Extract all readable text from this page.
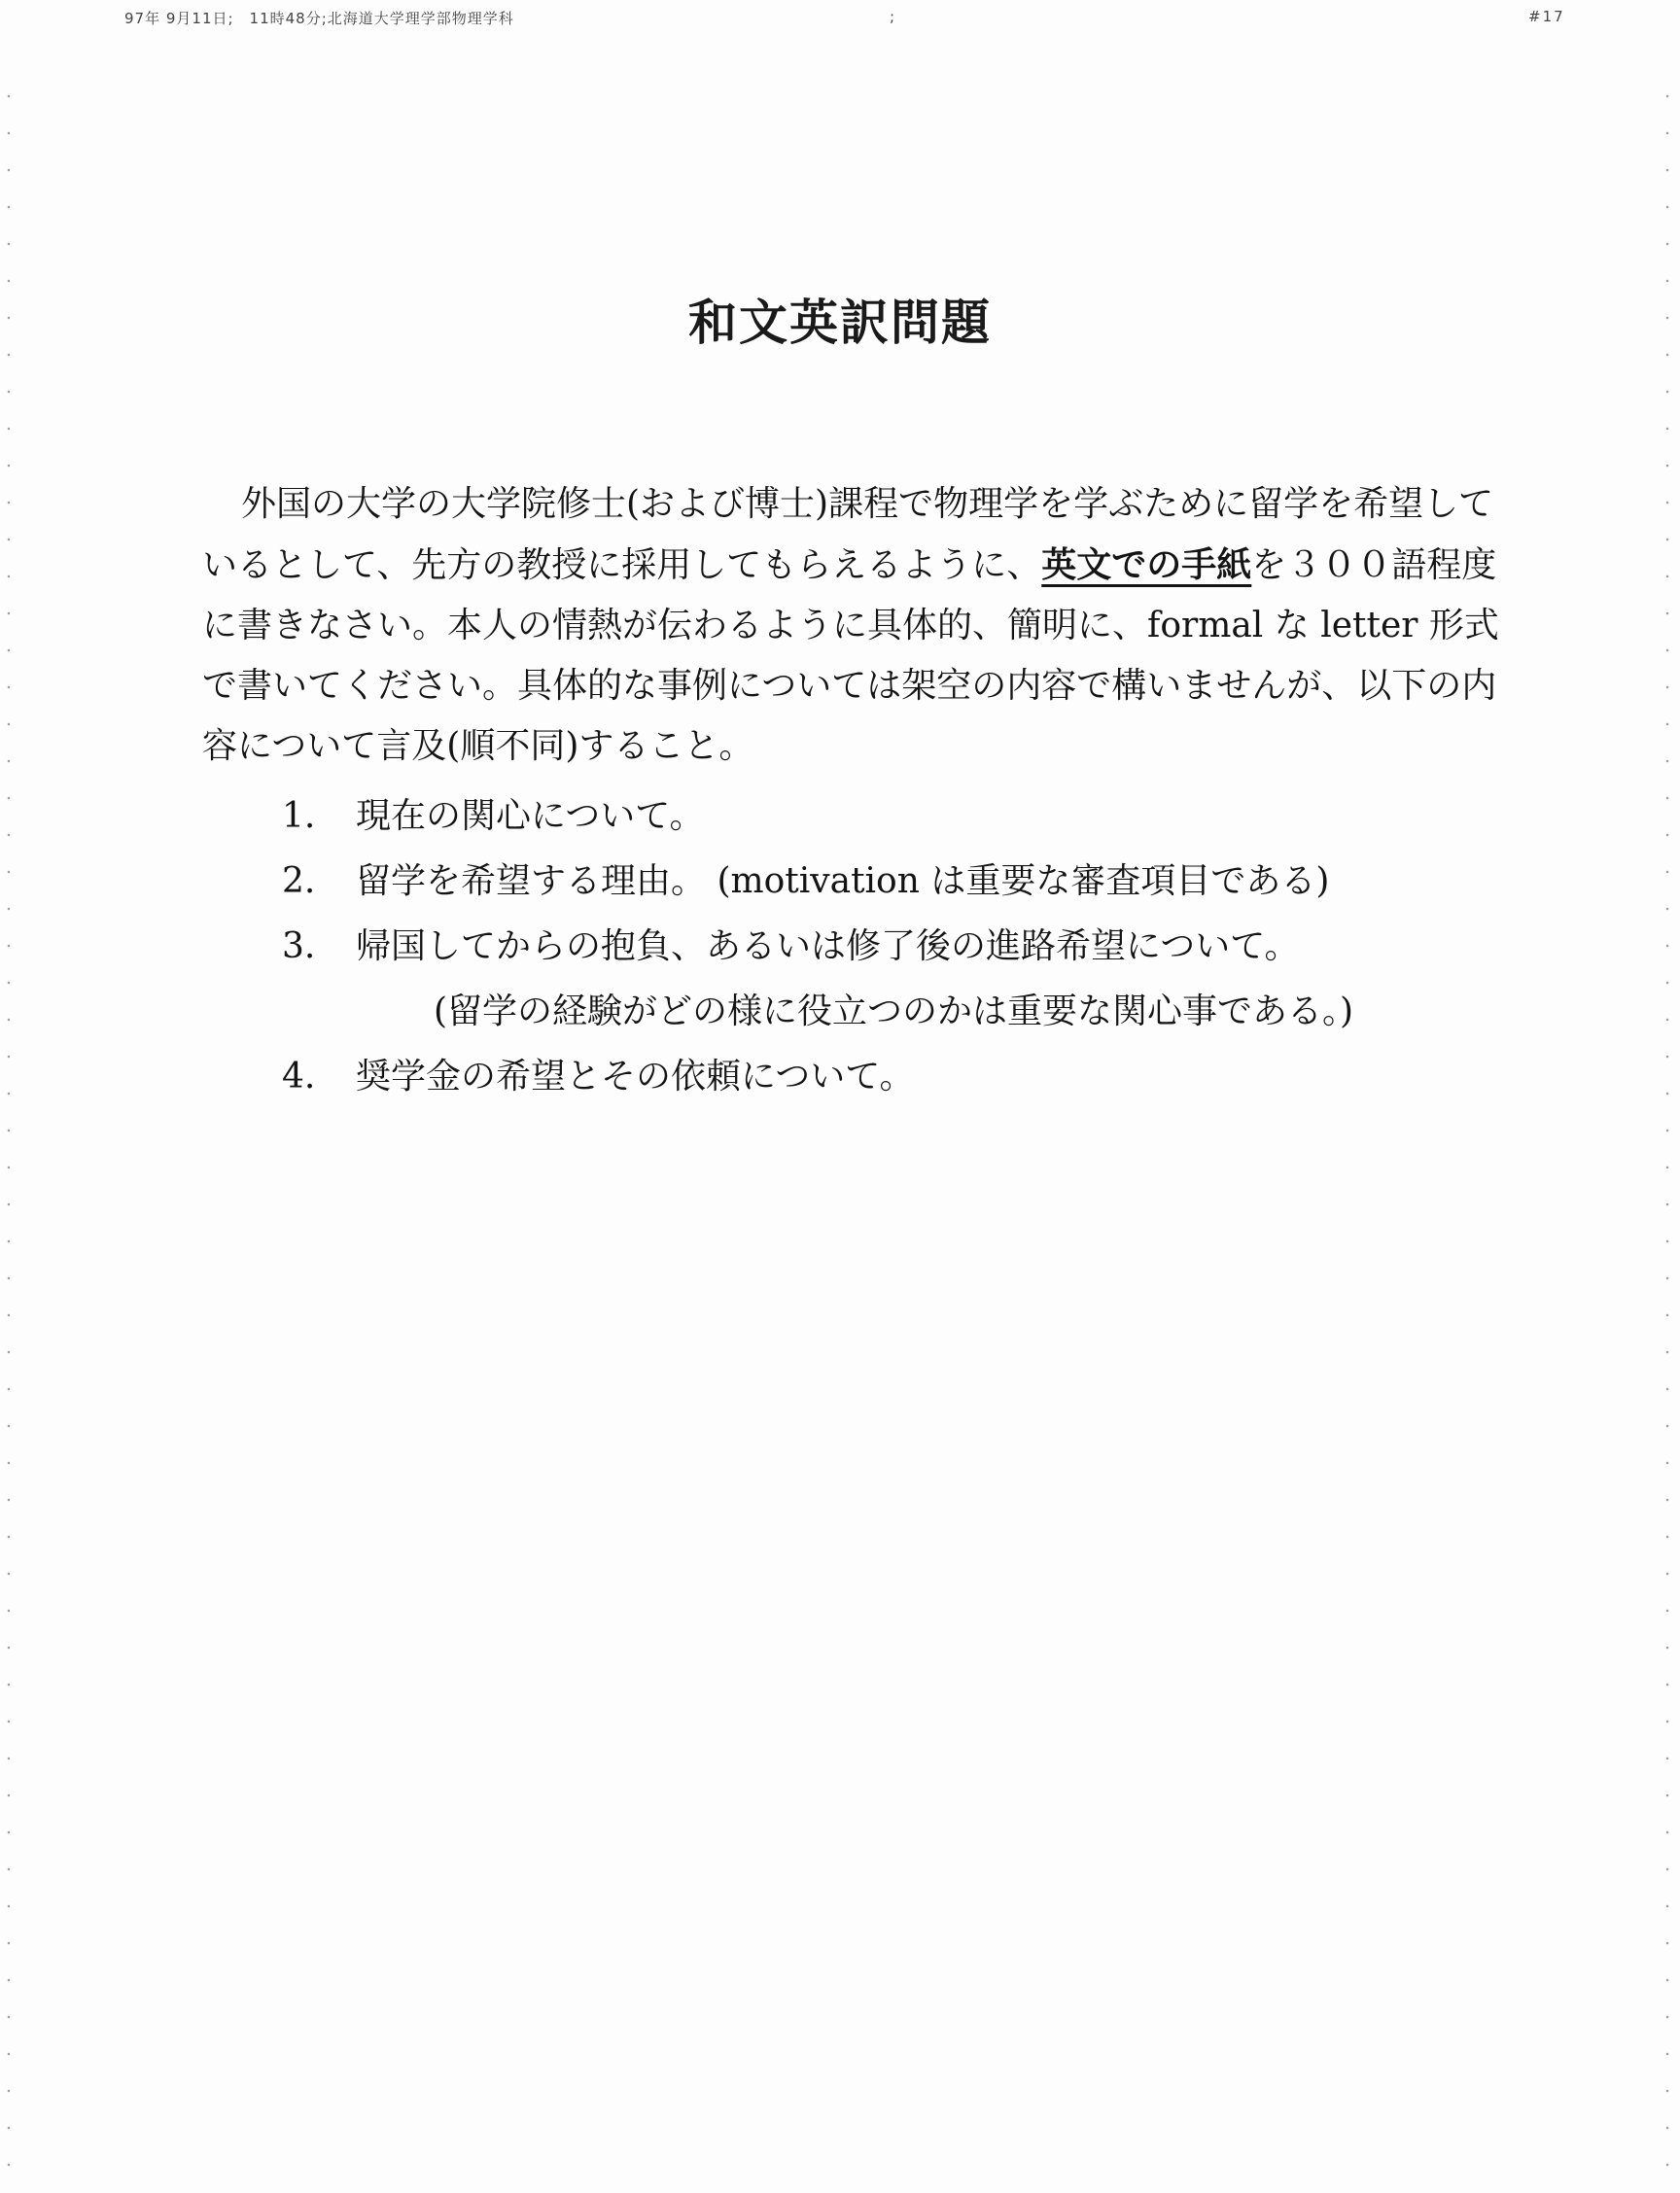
97年 9月11日;　11時48分;北海道大学理学部物理学科	;	#17
和文英訳問題

外国の大学の大学院修士(および博士)課程で物理学を学ぶために留学を希望しているとして、先方の教授に採用してもらえるように、英文での手紙を３００語程度に書きなさい。本人の情熱が伝わるように具体的、簡明に、formal な letter 形式で書いてください。具体的な事例については架空の内容で構いませんが、以下の内容について言及(順不同)すること。

1.	現在の関心について。
2.	留学を希望する理由。 (motivation は重要な審査項目である)
3.	帰国してからの抱負、あるいは修了後の進路希望について。
(留学の経験がどの様に役立つのかは重要な関心事である。)
4.	奨学金の希望とその依頼について。
